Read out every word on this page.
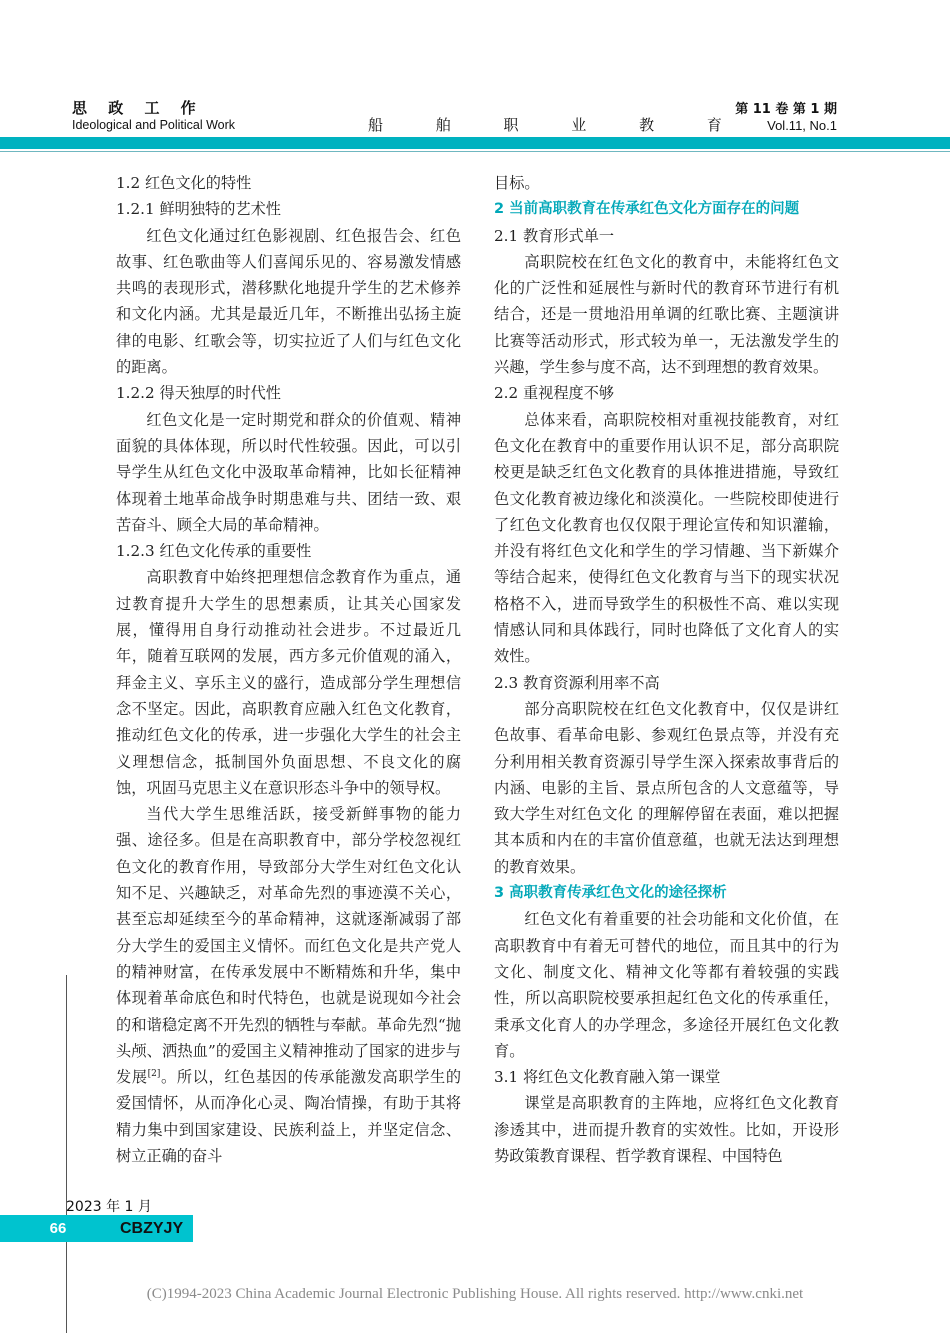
思 政 工 作
Ideological and Political Work	船 舶 职 业 教 育
第 11 卷 第 1 期
Vol.11, No.1

1.2 红色文化的特性

1.2.1 鲜明独特的艺术性

红色文化通过红色影视剧、红色报告会、红色故事、红色歌曲等人们喜闻乐见的、容易激发情感共鸣的表现形式，潜移默化地提升学生的艺术修养和文化内涵。尤其是最近几年，不断推出弘扬主旋律的电影、红歌会等，切实拉近了人们与红色文化的距离。

1.2.2 得天独厚的时代性

红色文化是一定时期党和群众的价值观、精神面貌的具体体现，所以时代性较强。因此，可以引导学生从红色文化中汲取革命精神，比如长征精神体现着土地革命战争时期患难与共、团结一致、艰苦奋斗、顾全大局的革命精神。

1.2.3 红色文化传承的重要性

高职教育中始终把理想信念教育作为重点，通过教育提升大学生的思想素质，让其关心国家发展，懂得用自身行动推动社会进步。不过最近几年，随着互联网的发展，西方多元价值观的涌入，拜金主义、享乐主义的盛行，造成部分学生理想信念不坚定。因此，高职教育应融入红色文化教育，推动红色文化的传承，进一步强化大学生的社会主义理想信念，抵制国外负面思想、不良文化的腐蚀，巩固马克思主义在意识形态斗争中的领导权。

当代大学生思维活跃，接受新鲜事物的能力强、途径多。但是在高职教育中，部分学校忽视红色文化的教育作用，导致部分大学生对红色文化认知不足、兴趣缺乏，对革命先烈的事迹漠不关心，甚至忘却延续至今的革命精神，这就逐渐减弱了部分大学生的爱国主义情怀。而红色文化是共产党人的精神财富，在传承发展中不断精炼和升华，集中体现着革命底色和时代特色，也就是说现如今社会的和谐稳定离不开先烈的牺牲与奉献。革命先烈“抛头颅、洒热血”的爱国主义精神推动了国家的进步与发展[2]。所以，红色基因的传承能激发高职学生的爱国情怀，从而净化心灵、陶冶情操，有助于其将精力集中到国家建设、民族利益上，并坚定信念、树立正确的奋斗

目标。

2 当前高职教育在传承红色文化方面存在的问题

2.1 教育形式单一

高职院校在红色文化的教育中，未能将红色文化的广泛性和延展性与新时代的教育环节进行有机结合，还是一贯地沿用单调的红歌比赛、主题演讲比赛等活动形式，形式较为单一，无法激发学生的兴趣，学生参与度不高，达不到理想的教育效果。

2.2 重视程度不够

总体来看，高职院校相对重视技能教育，对红色文化在教育中的重要作用认识不足，部分高职院校更是缺乏红色文化教育的具体推进措施，导致红色文化教育被边缘化和淡漠化。一些院校即使进行了红色文化教育也仅仅限于理论宣传和知识灌输，并没有将红色文化和学生的学习情趣、当下新媒介等结合起来，使得红色文化教育与当下的现实状况格格不入，进而导致学生的积极性不高、难以实现情感认同和具体践行，同时也降低了文化育人的实效性。

2.3 教育资源利用率不高

部分高职院校在红色文化教育中，仅仅是讲红色故事、看革命电影、参观红色景点等，并没有充分利用相关教育资源引导学生深入探索故事背后的内涵、电影的主旨、景点所包含的人文意蕴等，导致大学生对红色文化 的理解停留在表面，难以把握其本质和内在的丰富价值意蕴，也就无法达到理想的教育效果。

3 高职教育传承红色文化的途径探析

红色文化有着重要的社会功能和文化价值，在高职教育中有着无可替代的地位，而且其中的行为文化、制度文化、精神文化等都有着较强的实践性，所以高职院校要承担起红色文化的传承重任，秉承文化育人的办学理念，多途径开展红色文化教育。

3.1 将红色文化教育融入第一课堂

课堂是高职教育的主阵地，应将红色文化教育渗透其中，进而提升教育的实效性。比如，开设形势政策教育课程、哲学教育课程、中国特色

2023 年 1 月
66	CBZYJY
(C)1994-2023 China Academic Journal Electronic Publishing House. All rights reserved. http://www.cnki.net
